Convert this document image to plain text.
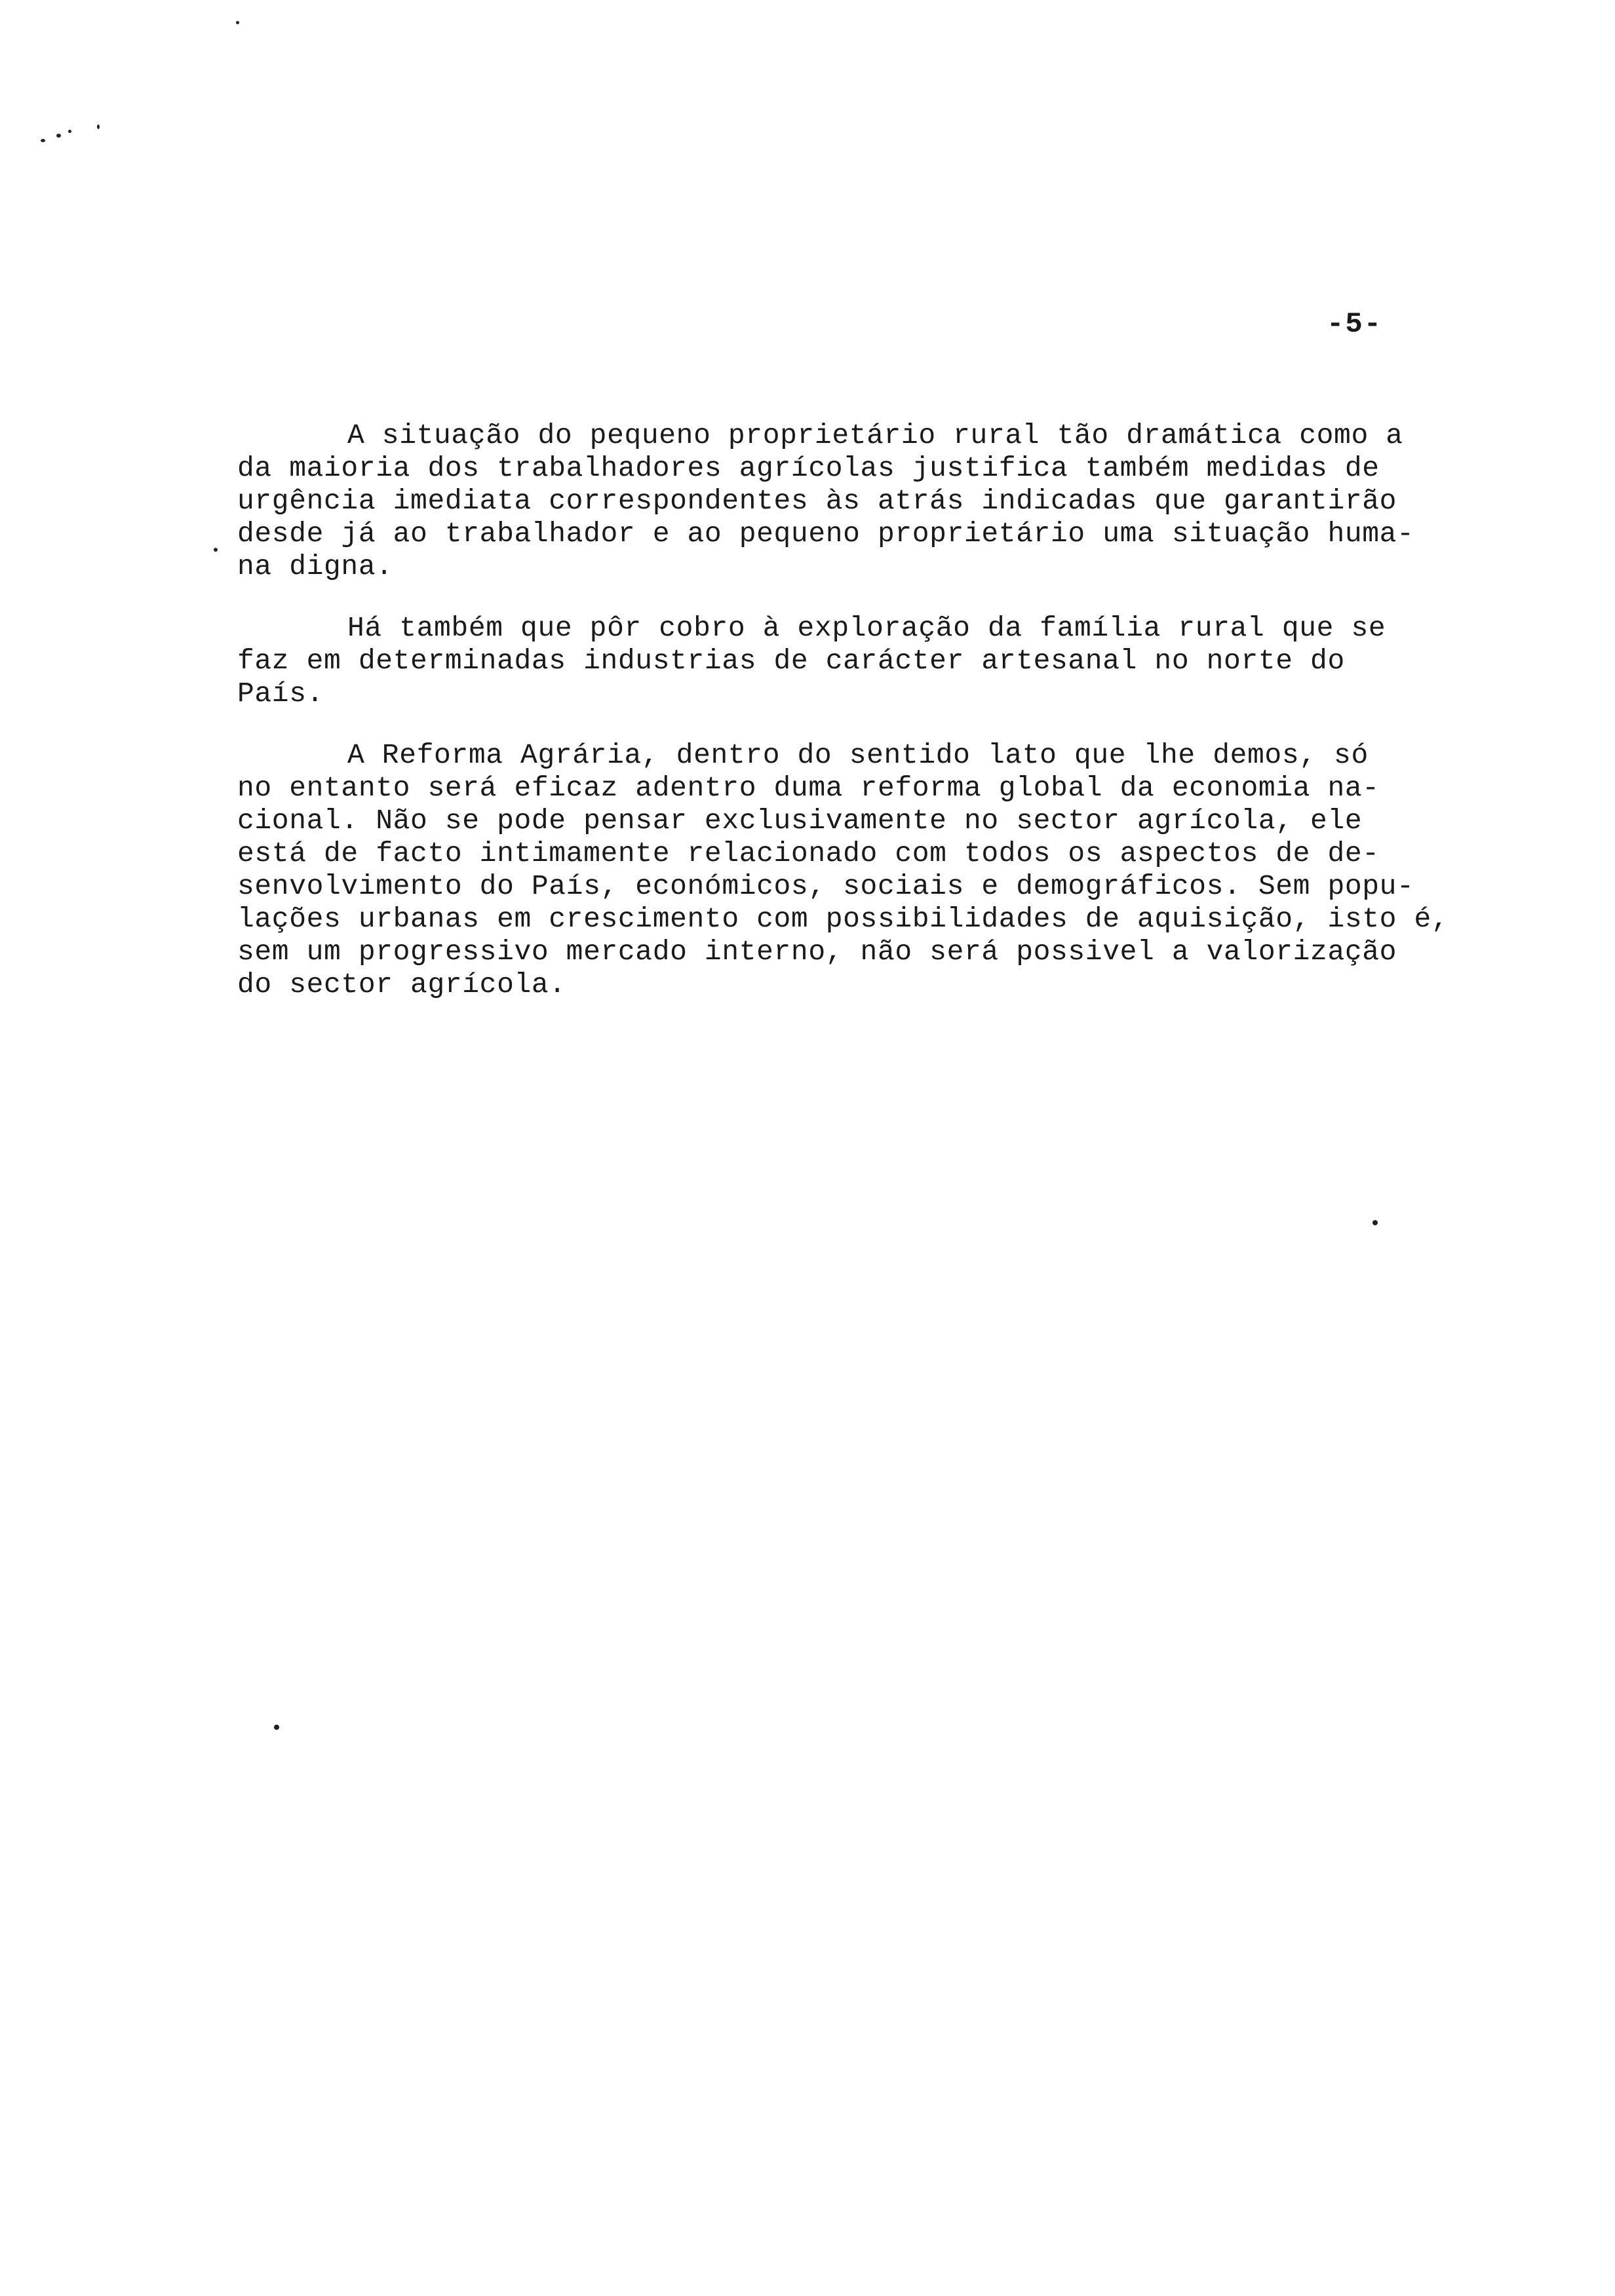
-5-
A situação do pequeno proprietário rural tão dramática como a
da maioria dos trabalhadores agrícolas justifica também medidas de
urgência imediata correspondentes às atrás indicadas que garantirão
desde já ao trabalhador e ao pequeno proprietário uma situação huma-
na digna.
Há também que pôr cobro à exploração da família rural que se
faz em determinadas industrias de carácter artesanal no norte do
País.
A Reforma Agrária, dentro do sentido lato que lhe demos, só
no entanto será eficaz adentro duma reforma global da economia na-
cional. Não se pode pensar exclusivamente no sector agrícola, ele
está de facto intimamente relacionado com todos os aspectos de de-
senvolvimento do País, económicos, sociais e demográficos. Sem popu-
lações urbanas em crescimento com possibilidades de aquisição, isto é,
sem um progressivo mercado interno, não será possivel a valorização
do sector agrícola.
